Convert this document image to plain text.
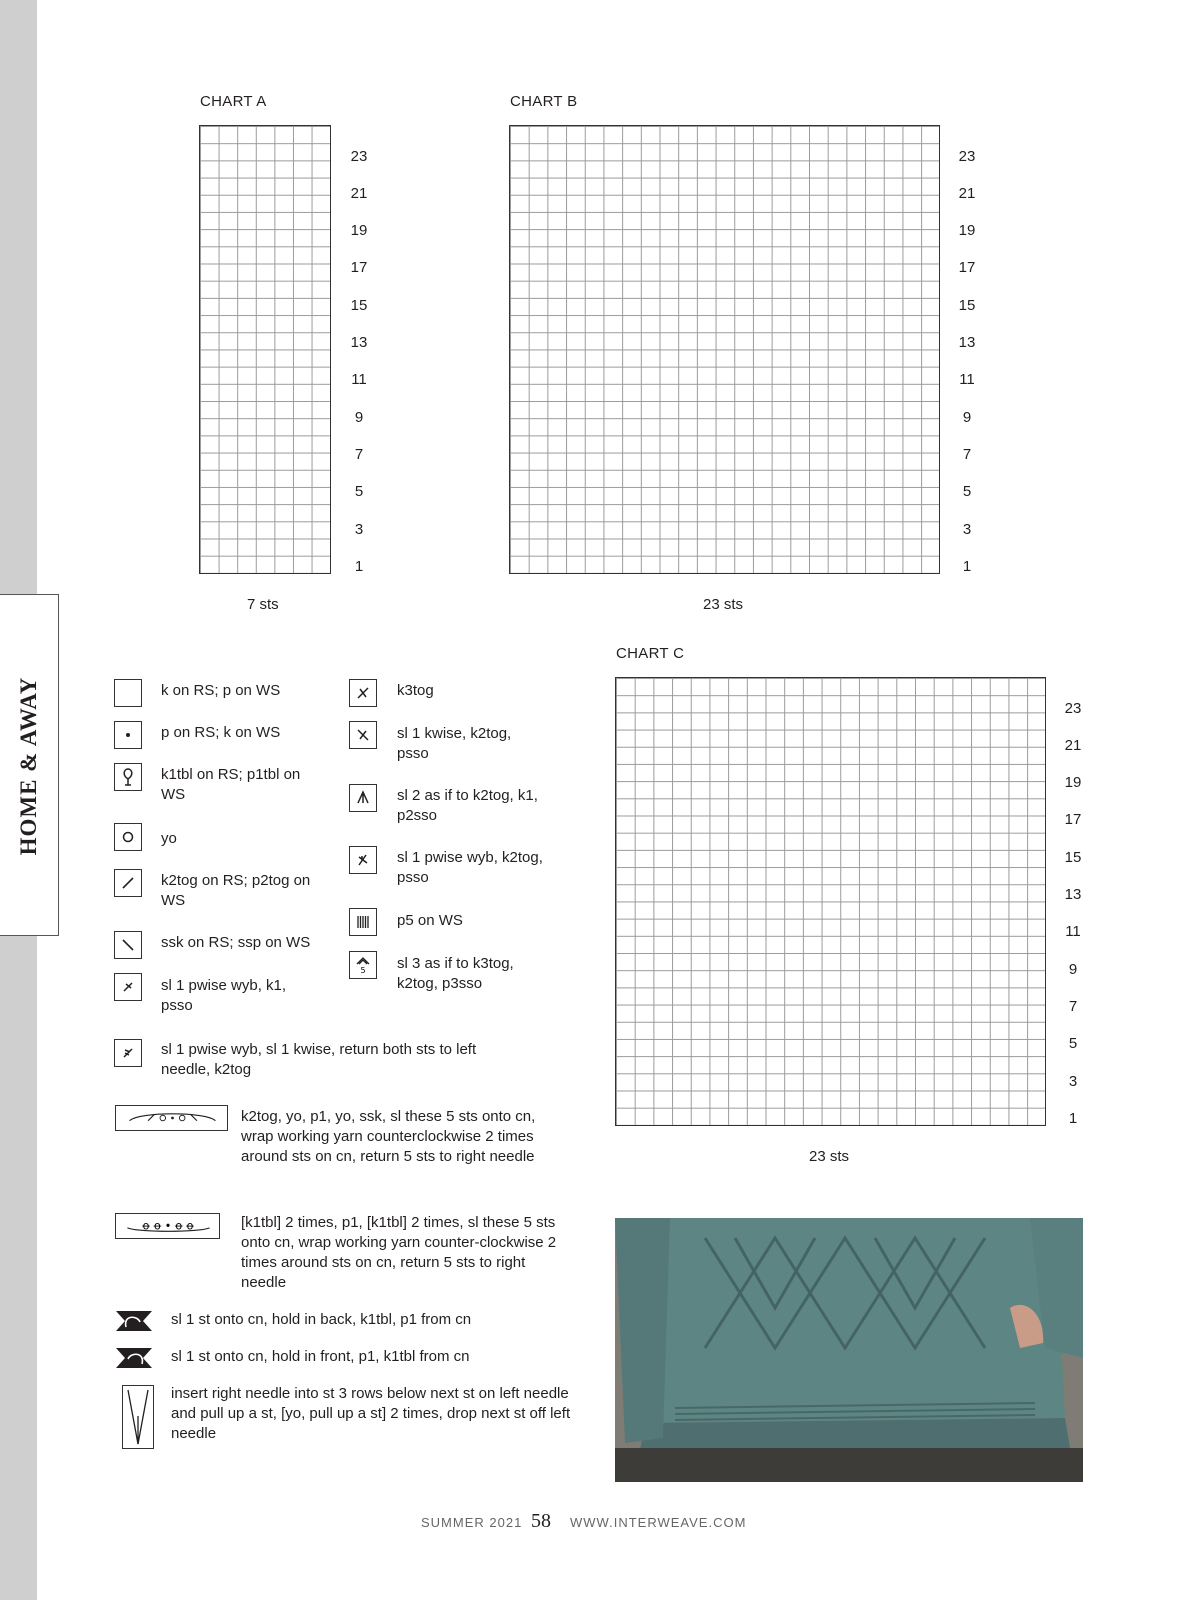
HOME & AWAY
CHART A
23
21
19
17
15
13
11
9
7
5
3
1
7 sts
CHART B
23
21
19
17
15
13
11
9
7
5
3
1
23 sts
CHART C
23
21
19
17
15
13
11
9
7
5
3
1
23 sts
k on RS; p on WS
p on RS; k on WS
k1tbl on RS; p1tbl on WS
yo
k2tog on RS; p2tog on WS
ssk on RS; ssp on WS
sl 1 pwise wyb, k1, psso
sl 1 pwise wyb, sl 1 kwise, return both sts to left needle, k2tog
k3tog
sl 1 kwise, k2tog, psso
sl 2 as if to k2tog, k1, p2sso
sl 1 pwise wyb, k2tog, psso
p5 on WS
5 sl 3 as if to k3tog, k2tog, p3sso
k2tog, yo, p1, yo, ssk, sl these 5 sts onto cn, wrap working yarn counterclockwise 2 times around sts on cn, return 5 sts to right needle
ꝋ ꝋ • ꝋ ꝋ	[k1tbl] 2 times, p1, [k1tbl] 2 times, sl these 5 sts onto cn, wrap working yarn counter-clockwise 2 times around sts on cn, return 5 sts to right needle
sl 1 st onto cn, hold in back, k1tbl, p1 from cn
sl 1 st onto cn, hold in front, p1, k1tbl from cn
insert right needle into st 3 rows below next st on left needle and pull up a st, [yo, pull up a st] 2 times, drop next st off left needle
SUMMER 2021 58 WWW.INTERWEAVE.COM
